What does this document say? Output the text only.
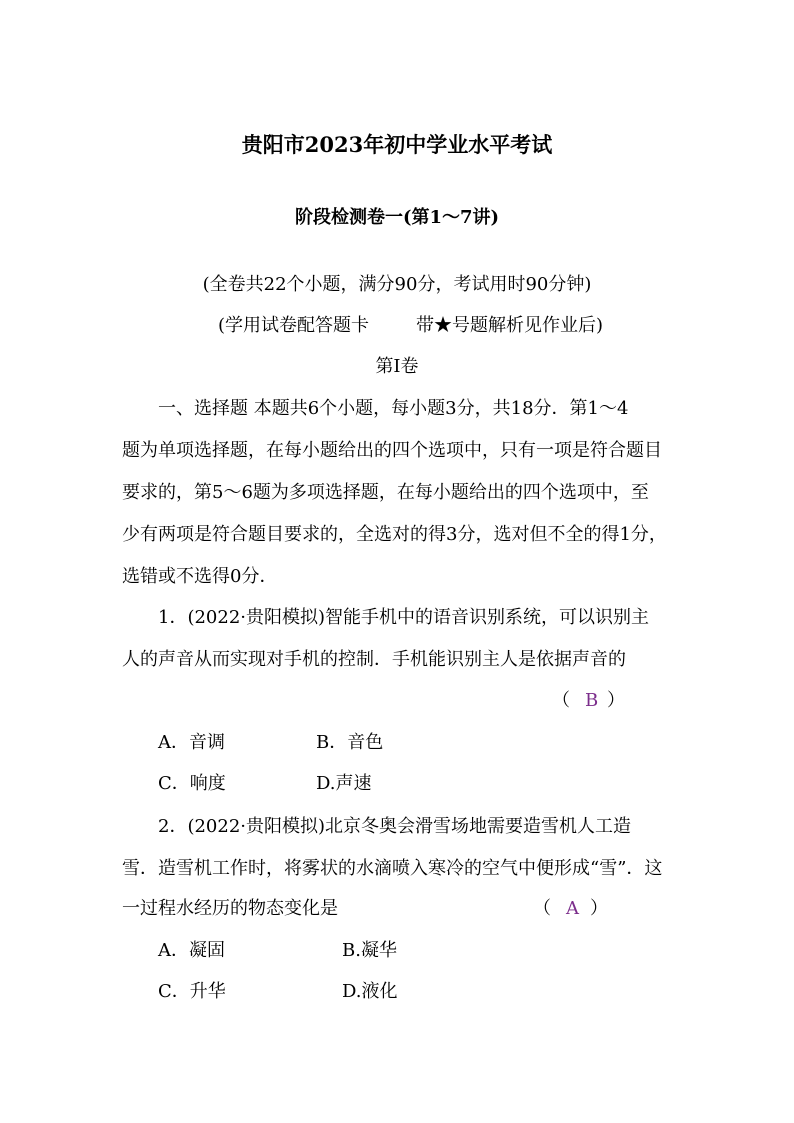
贵阳市2023年初中学业水平考试
阶段检测卷一(第1～7讲)
(全卷共22个小题，满分90分，考试用时90分钟)
(学用试卷配答题卡	带★号题解析见作业后)
第Ⅰ卷
一、选择题 本题共6个小题，每小题3分，共18分．第1～4
题为单项选择题，在每小题给出的四个选项中，只有一项是符合题目
要求的，第5～6题为多项选择题，在每小题给出的四个选项中，至
少有两项是符合题目要求的，全选对的得3分，选对但不全的得1分，
选错或不选得0分．
1．(2022·贵阳模拟)智能手机中的语音识别系统，可以识别主
人的声音从而实现对手机的控制．手机能识别主人是依据声音的
（ B ）
A．音调	B．音色
C．响度	D.声速
2．(2022·贵阳模拟)北京冬奥会滑雪场地需要造雪机人工造
雪．造雪机工作时，将雾状的水滴喷入寒冷的空气中便形成“雪”．这
一过程水经历的物态变化是	（ A ）
A．凝固	B.凝华
C．升华	D.液化
